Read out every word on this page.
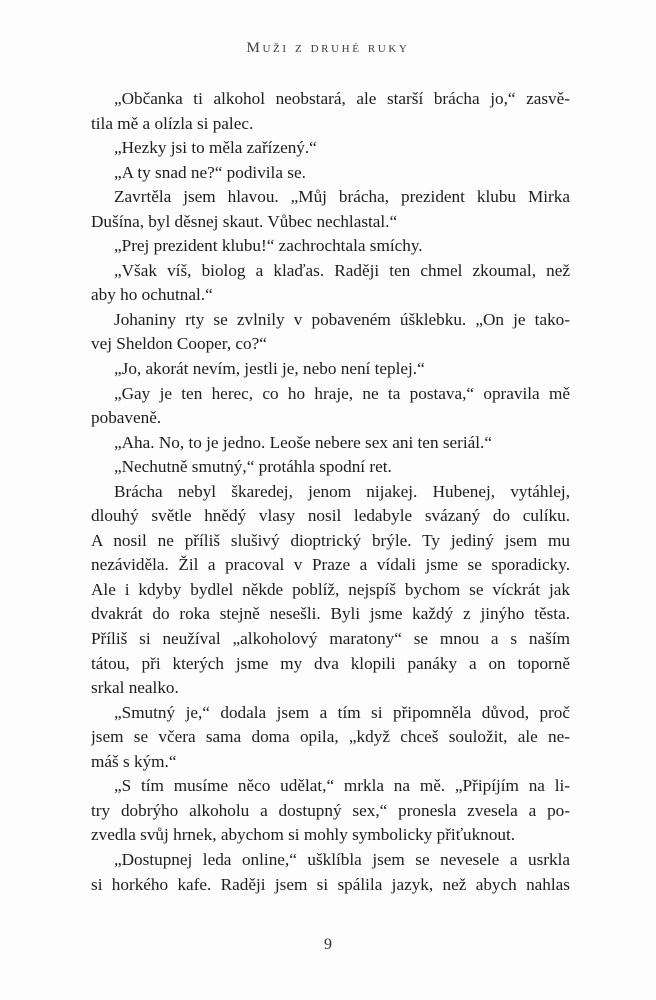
Muži z druhé ruky
„Občanka ti alkohol neobstará, ale starší brácha jo,“ zasvě-
tila mě a olízla si palec.
„Hezky jsi to měla zařízený.“
„A ty snad ne?“ podivila se.
Zavrtěla jsem hlavou. „Můj brácha, prezident klubu Mirka
Dušína, byl děsnej skaut. Vůbec nechlastal.“
„Prej prezident klubu!“ zachrochtala smíchy.
„Však víš, biolog a klaďas. Raději ten chmel zkoumal, než
aby ho ochutnal.“
Johaniny rty se zvlnily v pobaveném úšklebku. „On je tako-
vej Sheldon Cooper, co?“
„Jo, akorát nevím, jestli je, nebo není teplej.“
„Gay je ten herec, co ho hraje, ne ta postava,“ opravila mě
pobaveně.
„Aha. No, to je jedno. Leoše nebere sex ani ten seriál.“
„Nechutně smutný,“ protáhla spodní ret.
Brácha nebyl škaredej, jenom nijakej. Hubenej, vytáhlej,
dlouhý světle hnědý vlasy nosil ledabyle svázaný do culíku.
A nosil ne příliš slušivý dioptrický brýle. Ty jediný jsem mu
nezáviděla. Žil a pracoval v Praze a vídali jsme se sporadicky.
Ale i kdyby bydlel někde poblíž, nejspíš bychom se víckrát jak
dvakrát do roka stejně nesešli. Byli jsme každý z jinýho těsta.
Příliš si neužíval „alkoholový maratony“ se mnou a s naším
tátou, při kterých jsme my dva klopili panáky a on toporně
srkal nealko.
„Smutný je,“ dodala jsem a tím si připomněla důvod, proč
jsem se včera sama doma opila, „když chceš souložit, ale ne-
máš s kým.“
„S tím musíme něco udělat,“ mrkla na mě. „Připíjím na li-
try dobrýho alkoholu a dostupný sex,“ pronesla zvesela a po-
zvedla svůj hrnek, abychom si mohly symbolicky přiťuknout.
„Dostupnej leda online,“ ušklíbla jsem se nevesele a usrkla
si horkého kafe. Raději jsem si spálila jazyk, než abych nahlas
9
